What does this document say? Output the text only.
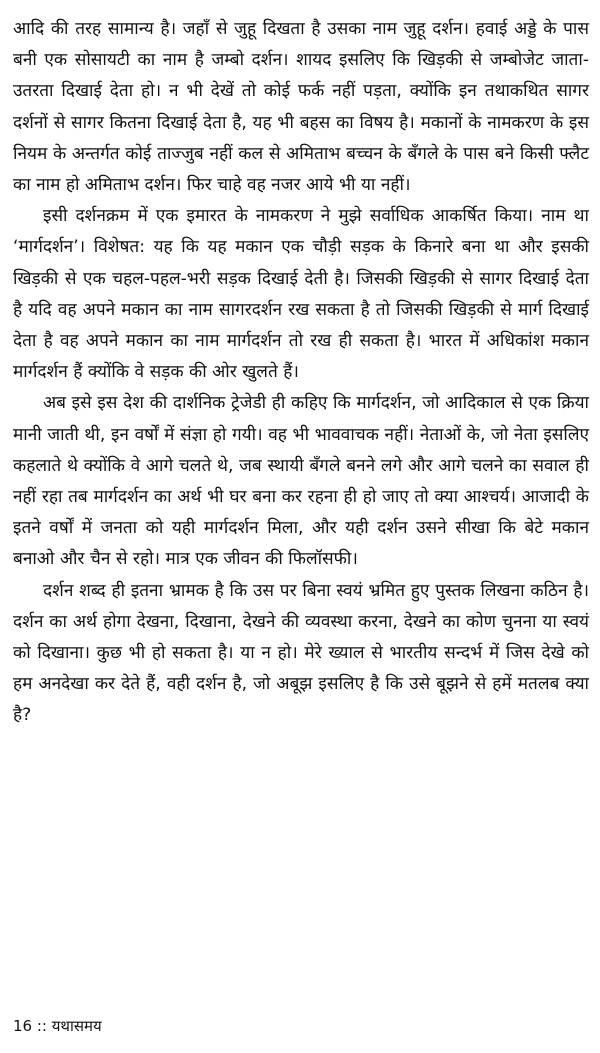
आदि की तरह सामान्य है। जहाँ से जुहू दिखता है उसका नाम जुहू दर्शन। हवाई अड्डे के पास बनी एक सोसायटी का नाम है जम्बो दर्शन। शायद इसलिए कि खिड़की से जम्बोजेट जाता-उतरता दिखाई देता हो। न भी देखें तो कोई फर्क नहीं पड़ता, क्योंकि इन तथाकथित सागर दर्शनों से सागर कितना दिखाई देता है, यह भी बहस का विषय है। मकानों के नामकरण के इस नियम के अन्तर्गत कोई ताज्जुब नहीं कल से अमिताभ बच्चन के बँगले के पास बने किसी फ्लैट का नाम हो अमिताभ दर्शन। फिर चाहे वह नजर आये भी या नहीं।

इसी दर्शनक्रम में एक इमारत के नामकरण ने मुझे सर्वाधिक आकर्षित किया। नाम था ‘मार्गदर्शन’। विशेषत: यह कि यह मकान एक चौड़ी सड़क के किनारे बना था और इसकी खिड़की से एक चहल-पहल-भरी सड़क दिखाई देती है। जिसकी खिड़की से सागर दिखाई देता है यदि वह अपने मकान का नाम सागरदर्शन रख सकता है तो जिसकी खिड़की से मार्ग दिखाई देता है वह अपने मकान का नाम मार्गदर्शन तो रख ही सकता है। भारत में अधिकांश मकान मार्गदर्शन हैं क्योंकि वे सड़क की ओर खुलते हैं।

अब इसे इस देश की दार्शनिक ट्रेजेडी ही कहिए कि मार्गदर्शन, जो आदिकाल से एक क्रिया मानी जाती थी, इन वर्षों में संज्ञा हो गयी। वह भी भाववाचक नहीं। नेताओं के, जो नेता इसलिए कहलाते थे क्योंकि वे आगे चलते थे, जब स्थायी बँगले बनने लगे और आगे चलने का सवाल ही नहीं रहा तब मार्गदर्शन का अर्थ भी घर बना कर रहना ही हो जाए तो क्या आश्चर्य। आजादी के इतने वर्षों में जनता को यही मार्गदर्शन मिला, और यही दर्शन उसने सीखा कि बेटे मकान बनाओ और चैन से रहो। मात्र एक जीवन की फिलॉसफी।

दर्शन शब्द ही इतना भ्रामक है कि उस पर बिना स्वयं भ्रमित हुए पुस्तक लिखना कठिन है। दर्शन का अर्थ होगा देखना, दिखाना, देखने की व्यवस्था करना, देखने का कोण चुनना या स्वयं को दिखाना। कुछ भी हो सकता है। या न हो। मेरे ख्याल से भारतीय सन्दर्भ में जिस देखे को हम अनदेखा कर देते हैं, वही दर्शन है, जो अबूझ इसलिए है कि उसे बूझने से हमें मतलब क्या है?

16 :: यथासमय
